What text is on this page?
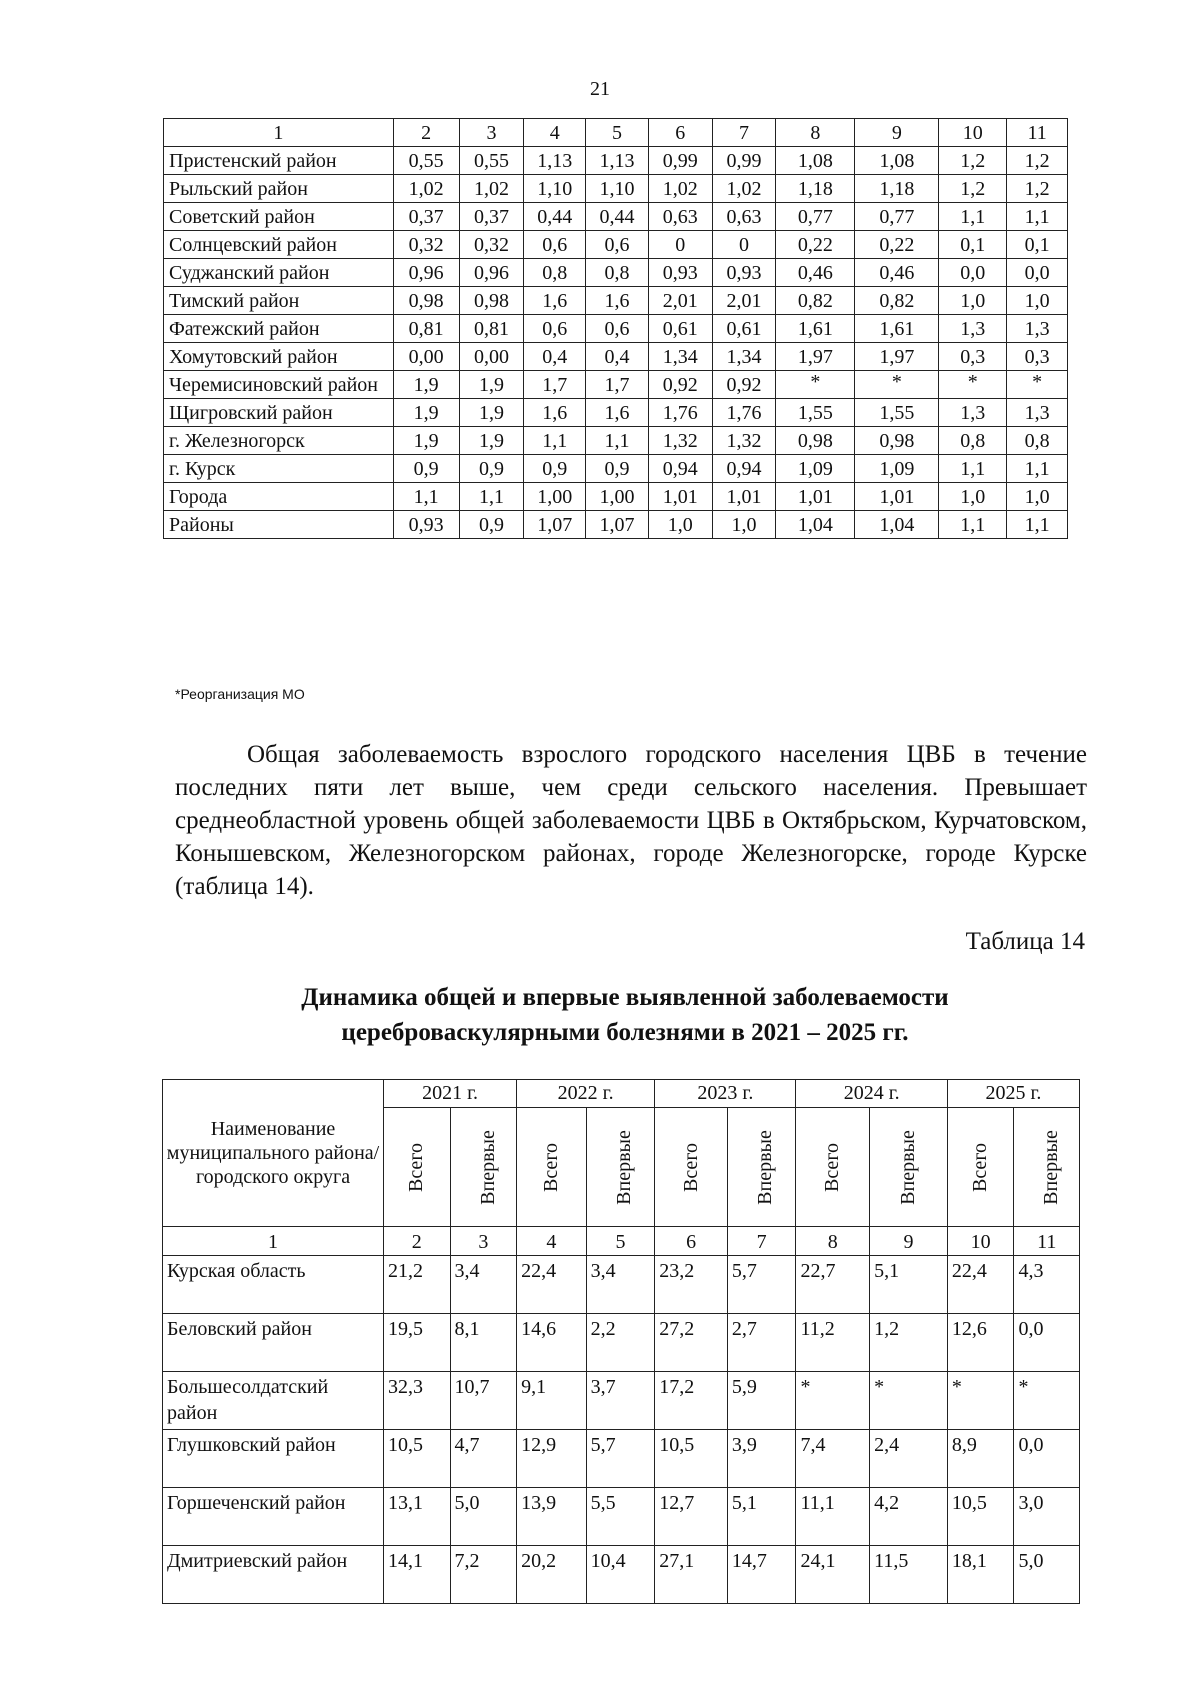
21
1	2	3	4	5	6	7	8	9	10	11
Пристенский район	0,55	0,55	1,13	1,13	0,99	0,99	1,08	1,08	1,2	1,2
Рыльский район	1,02	1,02	1,10	1,10	1,02	1,02	1,18	1,18	1,2	1,2
Советский район	0,37	0,37	0,44	0,44	0,63	0,63	0,77	0,77	1,1	1,1
Солнцевский район	0,32	0,32	0,6	0,6	0	0	0,22	0,22	0,1	0,1
Суджанский район	0,96	0,96	0,8	0,8	0,93	0,93	0,46	0,46	0,0	0,0
Тимский район	0,98	0,98	1,6	1,6	2,01	2,01	0,82	0,82	1,0	1,0
Фатежский район	0,81	0,81	0,6	0,6	0,61	0,61	1,61	1,61	1,3	1,3
Хомутовский район	0,00	0,00	0,4	0,4	1,34	1,34	1,97	1,97	0,3	0,3
Черемисиновский район	1,9	1,9	1,7	1,7	0,92	0,92	*	*	*	*
Щигровский район	1,9	1,9	1,6	1,6	1,76	1,76	1,55	1,55	1,3	1,3
г. Железногорск	1,9	1,9	1,1	1,1	1,32	1,32	0,98	0,98	0,8	0,8
г. Курск	0,9	0,9	0,9	0,9	0,94	0,94	1,09	1,09	1,1	1,1
Города	1,1	1,1	1,00	1,00	1,01	1,01	1,01	1,01	1,0	1,0
Районы	0,93	0,9	1,07	1,07	1,0	1,0	1,04	1,04	1,1	1,1
*Реорганизация МО

Общая заболеваемость взрослого городского населения ЦВБ в течение последних пяти лет выше, чем среди сельского населения. Превышает среднеобластной уровень общей заболеваемости ЦВБ в Октябрьском, Курчатовском, Конышевском, Железногорском районах, городе Железногорске, городе Курске (таблица 14).

Таблица 14
Динамика общей и впервые выявленной заболеваемости
цереброваскулярными болезнями в 2021 – 2025 гг.
Наименование муниципального района/городского округа	2021 г.		2022 г.		2023 г.		2024 г.		2025 г.	
	Всего	Впервые	Всего	Впервые	Всего	Впервые	Всего	Впервые	Всего	Впервые
1	2	3	4	5	6	7	8	9	10	11
Курская область	21,2	3,4	22,4	3,4	23,2	5,7	22,7	5,1	22,4	4,3
Беловский район	19,5	8,1	14,6	2,2	27,2	2,7	11,2	1,2	12,6	0,0
Большесолдатский район	32,3	10,7	9,1	3,7	17,2	5,9	*	*	*	*
Глушковский район	10,5	4,7	12,9	5,7	10,5	3,9	7,4	2,4	8,9	0,0
Горшеченский район	13,1	5,0	13,9	5,5	12,7	5,1	11,1	4,2	10,5	3,0
Дмитриевский район	14,1	7,2	20,2	10,4	27,1	14,7	24,1	11,5	18,1	5,0
